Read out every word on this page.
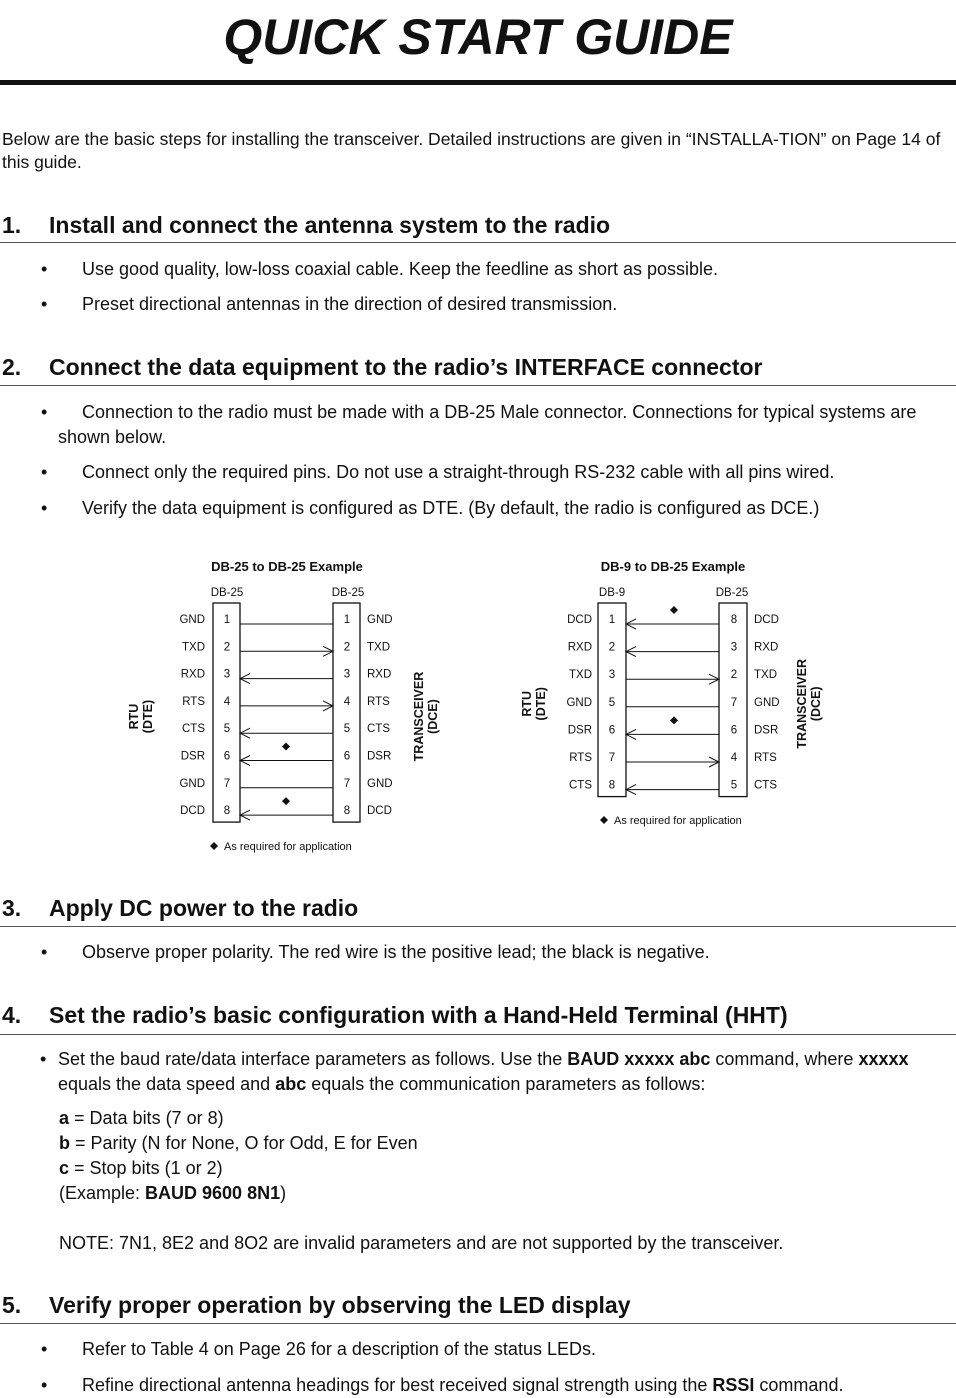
QUICK START GUIDE

Below are the basic steps for installing the transceiver. Detailed instructions are given in “INSTALLA-TION” on Page 14 of this guide.

1. Install and connect the antenna system to the radio

• Use good quality, low-loss coaxial cable. Keep the feedline as short as possible.

• Preset directional antennas in the direction of desired transmission.

2. Connect the data equipment to the radio’s INTERFACE connector

• Connection to the radio must be made with a DB-25 Male connector. Connections for typical systems are shown below.

• Connect only the required pins. Do not use a straight-through RS-232 cable with all pins wired.

• Verify the data equipment is configured as DTE. (By default, the radio is configured as DCE.)

DB-25 to DB-25 Example
DB-25	DB-25
GND 1	1 GND
TXD 2	2 TXD
RXD 3	3 RXD
RTS 4	4 RTS
CTS 5	5 CTS
DSR 6	6 DSR
GND 7	7 GND
DCD 8	8 DCD
RTU(DTE)	TRANSCEIVER(DCE)
As required for application
DB-9 to DB-25 Example
DB-9	DB-25
DCD 1	8 DCD
RXD 2	3 RXD
TXD 3	2 TXD
GND 5	7 GND
DSR 6	6 DSR
RTS 7	4 RTS
CTS 8	5 CTS
RTU(DTE)	TRANSCEIVER(DCE)
As required for application
3. Apply DC power to the radio

• Observe proper polarity. The red wire is the positive lead; the black is negative.

4. Set the radio’s basic configuration with a Hand-Held Terminal (HHT)

• Set the baud rate/data interface parameters as follows. Use the BAUD xxxxx abc command, where xxxxx equals the data speed and abc equals the communication parameters as follows:

a = Data bits (7 or 8)

b = Parity (N for None, O for Odd, E for Even

c = Stop bits (1 or 2)

(Example: BAUD 9600 8N1)

NOTE: 7N1, 8E2 and 8O2 are invalid parameters and are not supported by the transceiver.

5. Verify proper operation by observing the LED display

• Refer to Table 4 on Page 26 for a description of the status LEDs.

• Refine directional antenna headings for best received signal strength using the RSSI command.
